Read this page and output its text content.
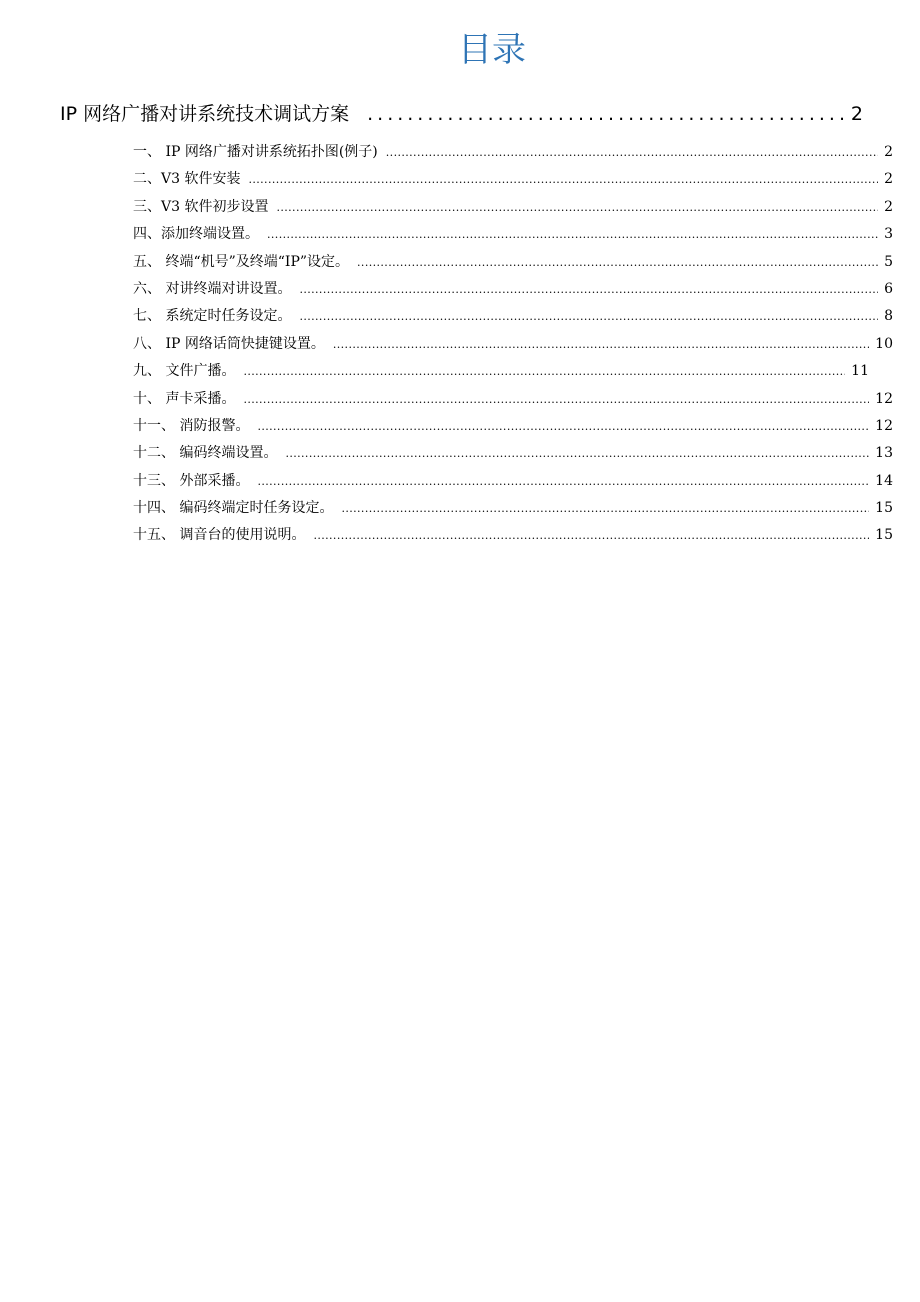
目录
IP 网络广播对讲系统技术调试方案 .....	2
一、 IP 网络广播对讲系统拓扑图(例子) .....	2
二、V3 软件安装 .....	2
三、V3 软件初步设置 .....	2
四、添加终端设置。 .....	3
五、 终端“机号”及终端“IP”设定。 .....	5
六、 对讲终端对讲设置。 .....	6
七、 系统定时任务设定。 .....	8
八、 IP 网络话筒快捷键设置。 .....	10
九、 文件广播。 .....	11
十、 声卡采播。 .....	12
十一、 消防报警。 .....	12
十二、 编码终端设置。 .....	13
十三、 外部采播。 .....	14
十四、 编码终端定时任务设定。 .....	15
十五、 调音台的使用说明。 .....	15
